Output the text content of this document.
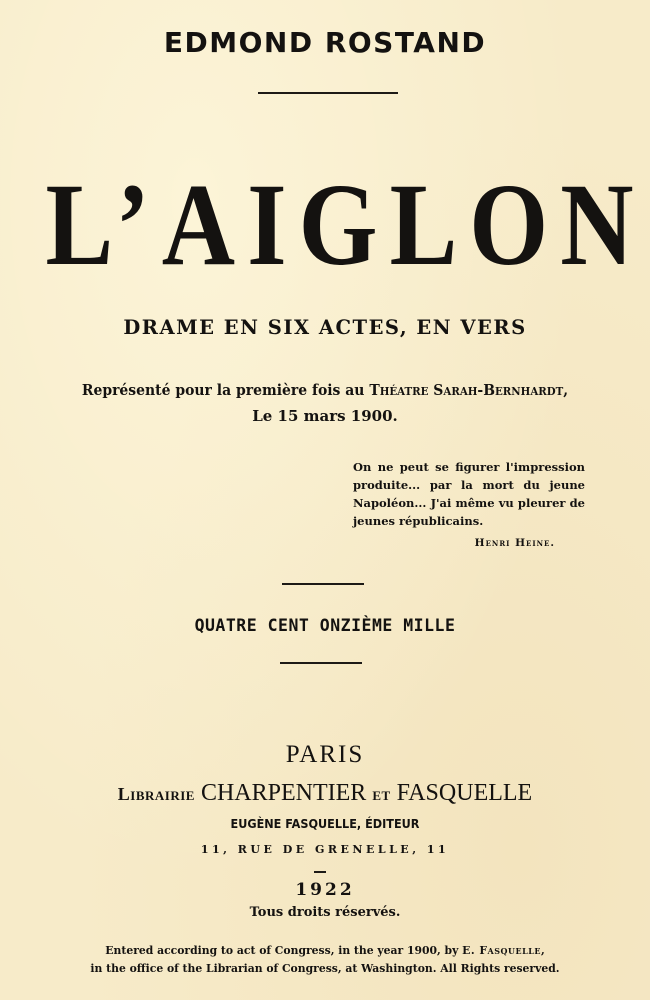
EDMOND ROSTAND
L’AIGLON
DRAME EN SIX ACTES, EN VERS
Représenté pour la première fois au Théatre Sarah-Bernhardt,
Le 15 mars 1900.

On ne peut se figurer l'impression produite... par la mort du jeune Napoléon... J'ai même vu pleurer de jeunes républicains.

Henri Heine.

QUATRE CENT ONZIÈME MILLE
PARIS
Librairie CHARPENTIER et FASQUELLE
EUGÈNE FASQUELLE, ÉDITEUR
11, RUE DE GRENELLE, 11
1922
Tous droits réservés.
Entered according to act of Congress, in the year 1900, by E. Fasquelle,
in the office of the Librarian of Congress, at Washington. All Rights reserved.
